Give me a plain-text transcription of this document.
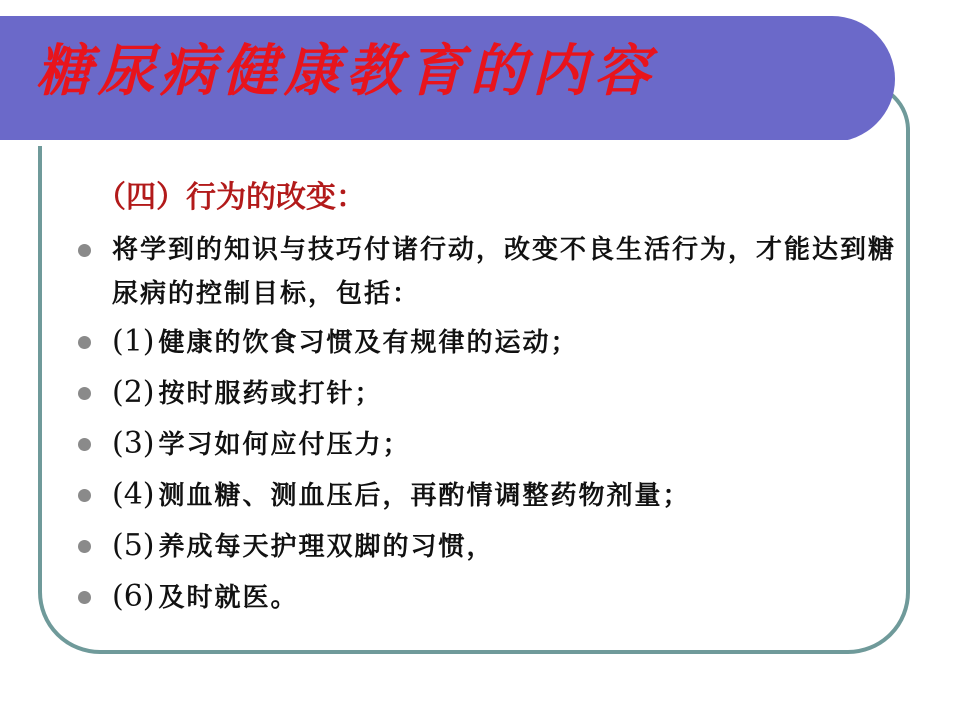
糖尿病健康教育的内容
（四）行为的改变：
将学到的知识与技巧付诸行动，改变不良生活行为，才能达到糖尿病的控制目标，包括：
(1) 健康的饮食习惯及有规律的运动；
(2) 按时服药或打针；
(3) 学习如何应付压力；
(4) 测血糖、测血压后，再酌情调整药物剂量；
(5) 养成每天护理双脚的习惯，
(6) 及时就医。
